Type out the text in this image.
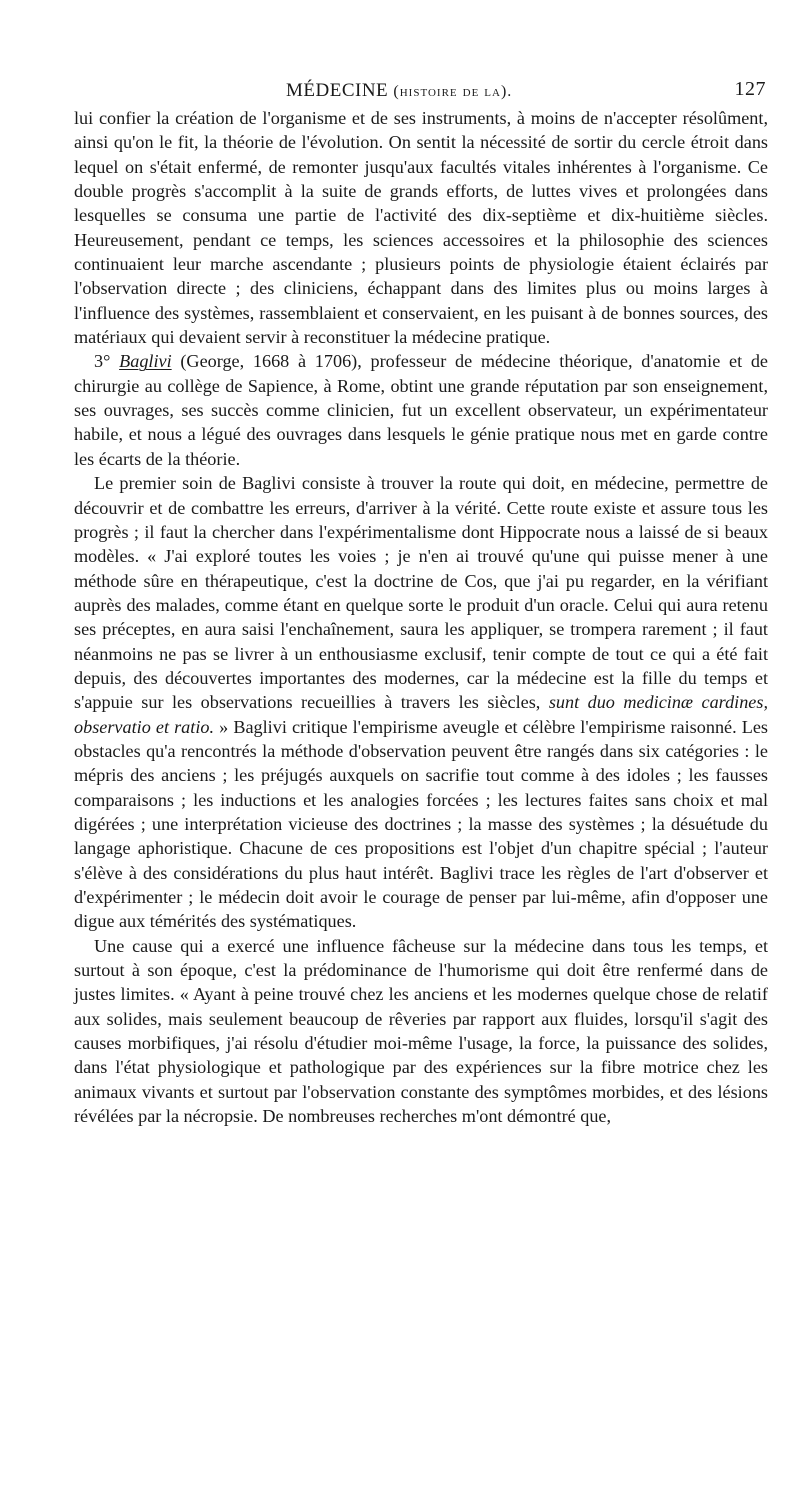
MÉDECINE (histoire de la).	127

lui confier la création de l'organisme et de ses instruments, à moins de n'accepter résolûment, ainsi qu'on le fit, la théorie de l'évolution. On sentit la nécessité de sortir du cercle étroit dans lequel on s'était enfermé, de remonter jusqu'aux facultés vitales inhérentes à l'organisme. Ce double progrès s'accomplit à la suite de grands efforts, de luttes vives et prolongées dans lesquelles se consuma une partie de l'activité des dix-septième et dix-huitième siècles. Heureusement, pendant ce temps, les sciences accessoires et la philosophie des sciences continuaient leur marche ascendante ; plusieurs points de physiologie étaient éclairés par l'observation directe ; des cliniciens, échappant dans des limites plus ou moins larges à l'influence des systèmes, rassemblaient et conservaient, en les puisant à de bonnes sources, des matériaux qui devaient servir à reconstituer la médecine pratique.

3° Baglivi (George, 1668 à 1706), professeur de médecine théorique, d'anatomie et de chirurgie au collège de Sapience, à Rome, obtint une grande réputation par son enseignement, ses ouvrages, ses succès comme clinicien, fut un excellent observateur, un expérimentateur habile, et nous a légué des ouvrages dans lesquels le génie pratique nous met en garde contre les écarts de la théorie.

Le premier soin de Baglivi consiste à trouver la route qui doit, en médecine, permettre de découvrir et de combattre les erreurs, d'arriver à la vérité. Cette route existe et assure tous les progrès ; il faut la chercher dans l'expérimentalisme dont Hippocrate nous a laissé de si beaux modèles. « J'ai exploré toutes les voies ; je n'en ai trouvé qu'une qui puisse mener à une méthode sûre en thérapeutique, c'est la doctrine de Cos, que j'ai pu regarder, en la vérifiant auprès des malades, comme étant en quelque sorte le produit d'un oracle. Celui qui aura retenu ses préceptes, en aura saisi l'enchaînement, saura les appliquer, se trompera rarement ; il faut néanmoins ne pas se livrer à un enthousiasme exclusif, tenir compte de tout ce qui a été fait depuis, des découvertes importantes des modernes, car la médecine est la fille du temps et s'appuie sur les observations recueillies à travers les siècles, sunt duo medicinæ cardines, observatio et ratio. » Baglivi critique l'empirisme aveugle et célèbre l'empirisme raisonné. Les obstacles qu'a rencontrés la méthode d'observation peuvent être rangés dans six catégories : le mépris des anciens ; les préjugés auxquels on sacrifie tout comme à des idoles ; les fausses comparaisons ; les inductions et les analogies forcées ; les lectures faites sans choix et mal digérées ; une interprétation vicieuse des doctrines ; la masse des systèmes ; la désuétude du langage aphoristique. Chacune de ces propositions est l'objet d'un chapitre spécial ; l'auteur s'élève à des considérations du plus haut intérêt. Baglivi trace les règles de l'art d'observer et d'expérimenter ; le médecin doit avoir le courage de penser par lui-même, afin d'opposer une digue aux témérités des systématiques.

Une cause qui a exercé une influence fâcheuse sur la médecine dans tous les temps, et surtout à son époque, c'est la prédominance de l'humorisme qui doit être renfermé dans de justes limites. « Ayant à peine trouvé chez les anciens et les modernes quelque chose de relatif aux solides, mais seulement beaucoup de rêveries par rapport aux fluides, lorsqu'il s'agit des causes morbifiques, j'ai résolu d'étudier moi-même l'usage, la force, la puissance des solides, dans l'état physiologique et pathologique par des expériences sur la fibre motrice chez les animaux vivants et surtout par l'observation constante des symptômes morbides, et des lésions révélées par la nécropsie. De nombreuses recherches m'ont démontré que,
